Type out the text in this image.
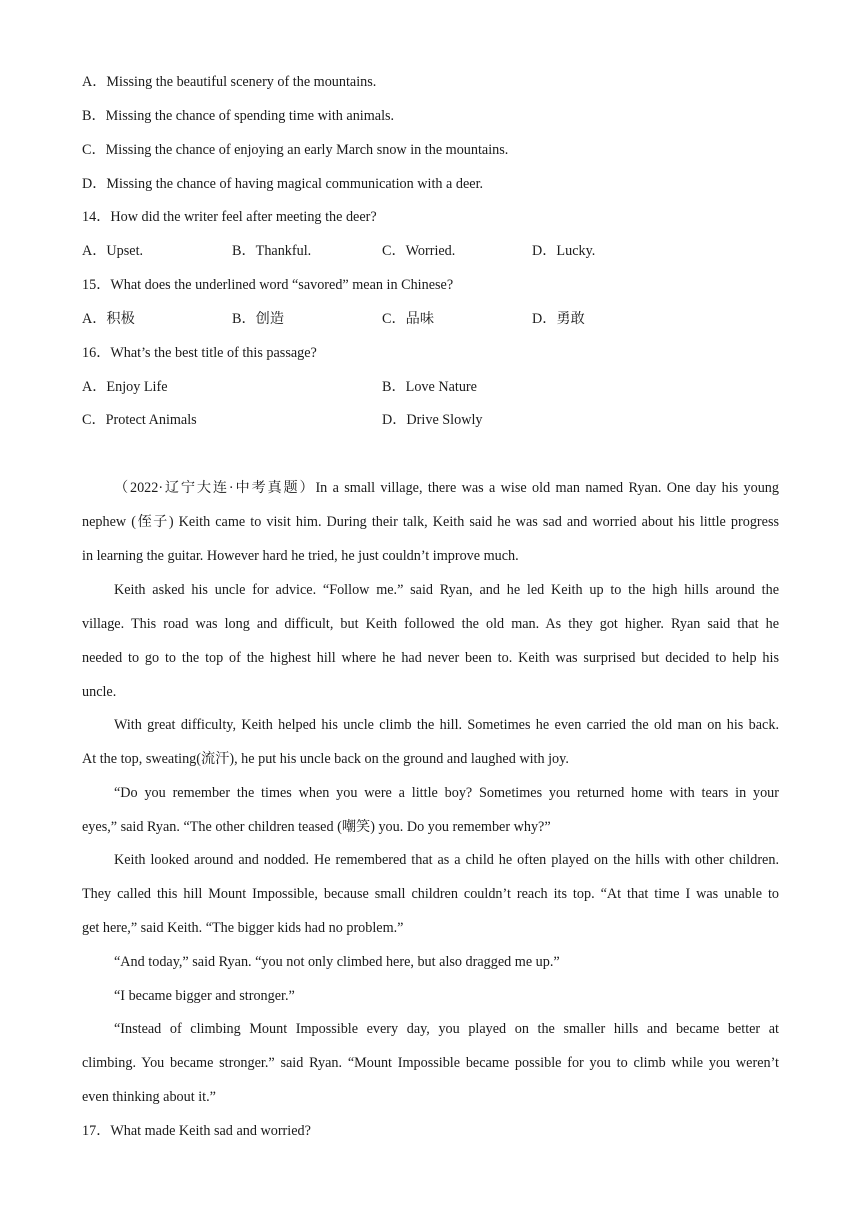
A．Missing the beautiful scenery of the mountains.
B．Missing the chance of spending time with animals.
C．Missing the chance of enjoying an early March snow in the mountains.
D．Missing the chance of having magical communication with a deer.
14．How did the writer feel after meeting the deer?
A．Upset.	B．Thankful.	C．Worried.	D．Lucky.
15．What does the underlined word “savored” mean in Chinese?
A．积极	B．创造	C．品味	D．勇敢
16．What’s the best title of this passage?
A．Enjoy Life	B．Love Nature
C．Protect Animals	D．Drive Slowly
（2022·辽宁大连·中考真题）In a small village, there was a wise old man named Ryan. One day his young
nephew (侄子) Keith came to visit him. During their talk, Keith said he was sad and worried about his little progress
in learning the guitar. However hard he tried, he just couldn’t improve much.
Keith asked his uncle for advice. “Follow me.” said Ryan, and he led Keith up to the high hills around the
village. This road was long and difficult, but Keith followed the old man. As they got higher. Ryan said that he
needed to go to the top of the highest hill where he had never been to. Keith was surprised but decided to help his
uncle.
With great difficulty, Keith helped his uncle climb the hill. Sometimes he even carried the old man on his back.
At the top, sweating(流汗), he put his uncle back on the ground and laughed with joy.
“Do you remember the times when you were a little boy? Sometimes you returned home with tears in your
eyes,” said Ryan. “The other children teased (嘲笑) you. Do you remember why?”
Keith looked around and nodded. He remembered that as a child he often played on the hills with other children.
They called this hill Mount Impossible, because small children couldn’t reach its top. “At that time I was unable to
get here,” said Keith. “The bigger kids had no problem.”
“And today,” said Ryan. “you not only climbed here, but also dragged me up.”
“I became bigger and stronger.”
“Instead of climbing Mount Impossible every day, you played on the smaller hills and became better at
climbing. You became stronger.” said Ryan. “Mount Impossible became possible for you to climb while you weren’t
even thinking about it.”
17．What made Keith sad and worried?
